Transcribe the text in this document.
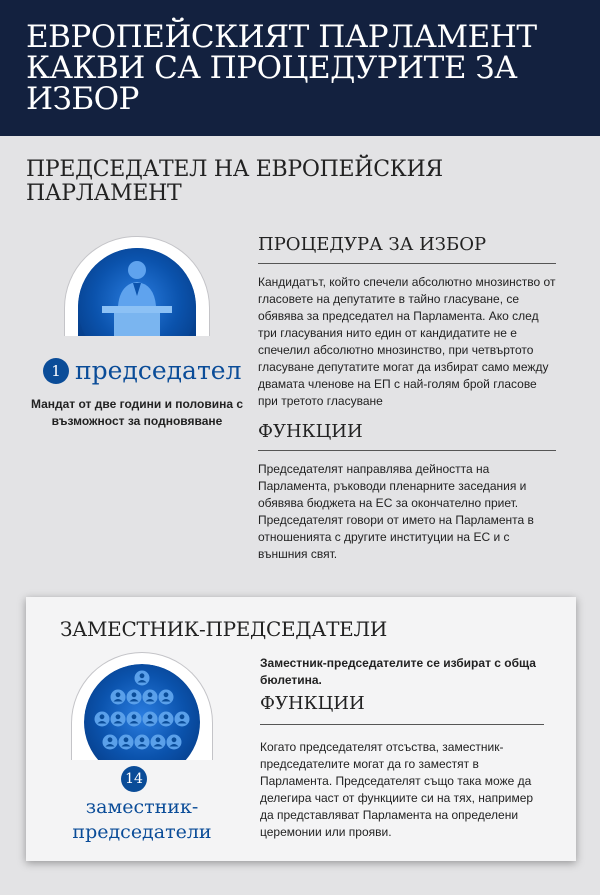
ЕВРОПЕЙСКИЯТ ПАРЛАМЕНТ КАКВИ СА ПРОЦЕДУРИТЕ ЗА ИЗБОР
ПРЕДСЕДАТЕЛ НА ЕВРОПЕЙСКИЯ ПАРЛАМЕНТ
1 председател

Мандат от две години и половина с възможност за подновяване

ПРОЦЕДУРА ЗА ИЗБОР

Кандидатът, който спечели абсолютно мнозинство от гласовете на депутатите в тайно гласуване, се обявява за председател на Парламента. Ако след три гласувания нито един от кандидатите не е спечелил абсолютно мнозинство, при четвъртото гласуване депутатите могат да избират само между двамата членове на ЕП с най-голям брой гласове при третото гласуване

ФУНКЦИИ

Председателят направлява дейността на Парламента, ръководи пленарните заседания и обявява бюджета на ЕС за окончателно приет. Председателят говори от името на Парламента в отношенията с другите институции на ЕС и с външния свят.

ЗАМЕСТНИК-ПРЕДСЕДАТЕЛИ
14
заместник-
председатели

Заместник-председателите се избират с обща бюлетина.

ФУНКЦИИ

Когато председателят отсъства, заместник-председателите могат да го заместят в Парламента. Председателят също така може да делегира част от функциите си на тях, например да представляват Парламента на определени церемонии или прояви.
